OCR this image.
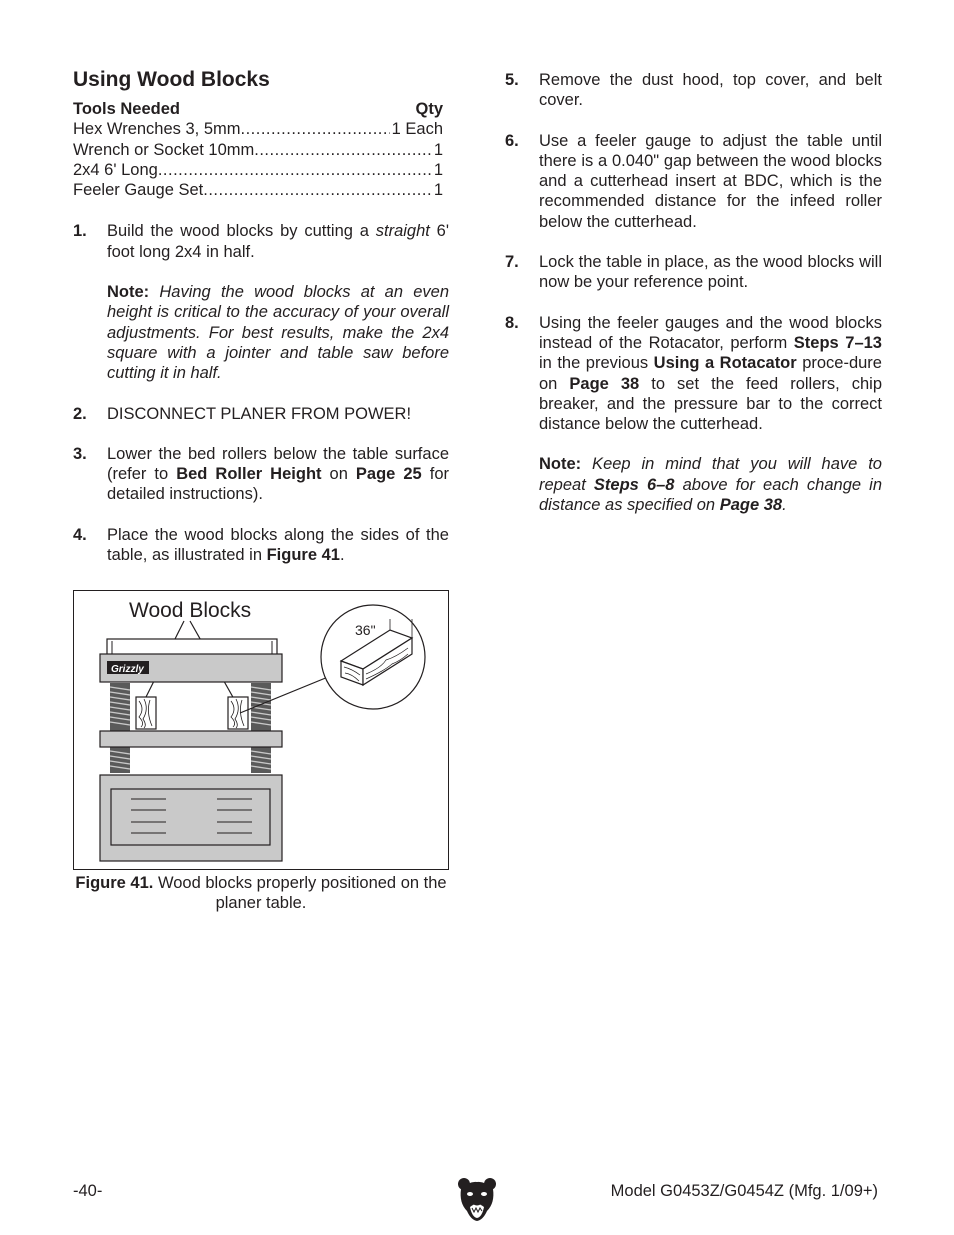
Using Wood Blocks
Tools Needed	Qty
Hex Wrenches 3, 5mm .....	1 Each
Wrench or Socket 10mm .....	1
2x4 6' Long .....	1
Feeler Gauge Set .....	1
1.	Build the wood blocks by cutting a straight 6' foot long 2x4 in half.

Note: Having the wood blocks at an even height is critical to the accuracy of your overall adjustments. For best results, make the 2x4 square with a jointer and table saw before cutting it in half.

2.	DISCONNECT PLANER FROM POWER!

3.	Lower the bed rollers below the table surface (refer to Bed Roller Height on Page 25 for detailed instructions).

4.	Place the wood blocks along the sides of the table, as illustrated in Figure 41.

Wood Blocks
Grizzly
36"
Figure 41. Wood blocks properly positioned on the planer table.
5.	Remove the dust hood, top cover, and belt cover.

6.	Use a feeler gauge to adjust the table until there is a 0.040" gap between the wood blocks and a cutterhead insert at BDC, which is the recommended distance for the infeed roller below the cutterhead.

7.	Lock the table in place, as the wood blocks will now be your reference point.

8.	Using the feeler gauges and the wood blocks instead of the Rotacator, perform Steps 7–13 in the previous Using a Rotacator proce-dure on Page 38 to set the feed rollers, chip breaker, and the pressure bar to the correct distance below the cutterhead.

Note: Keep in mind that you will have to repeat Steps 6–8 above for each change in distance as specified on Page 38.

-40-	Model G0453Z/G0454Z (Mfg. 1/09+)
